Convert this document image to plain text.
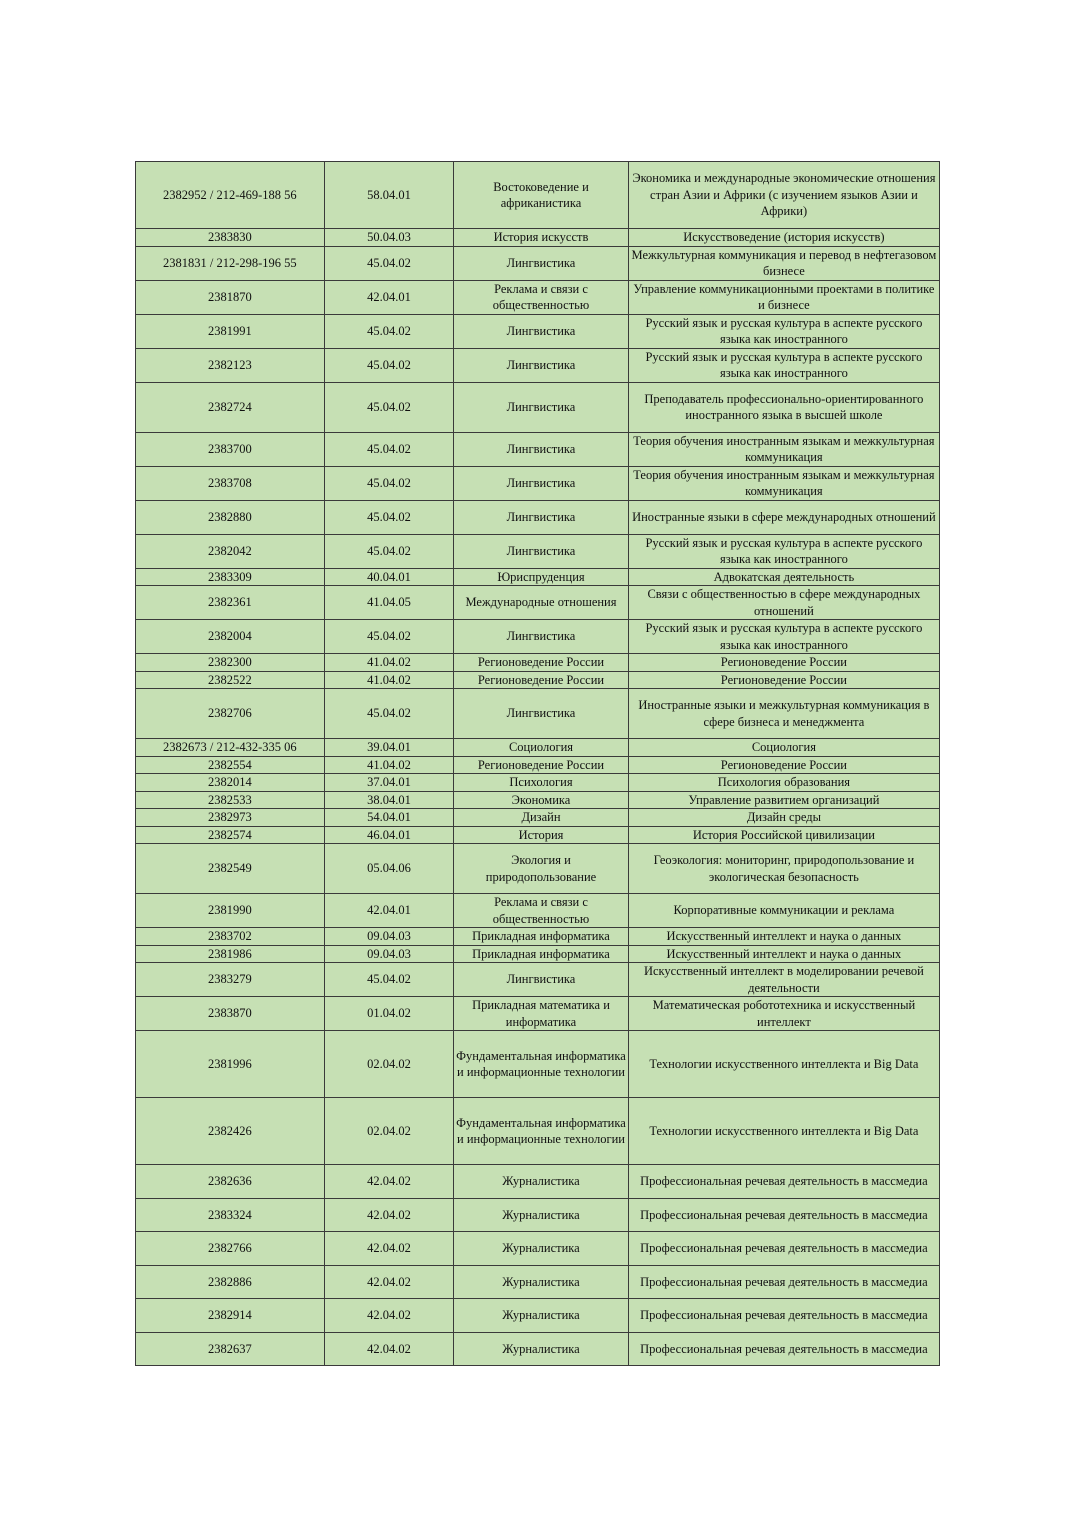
2382952 / 212-469-188 56	58.04.01	Востоковедение и африканистика	Экономика и международные экономические отношения стран Азии и Африки (с изучением языков Азии и Африки)
2383830	50.04.03	История искусств	Искусствоведение (история искусств)
2381831 / 212-298-196 55	45.04.02	Лингвистика	Межкультурная коммуникация и перевод в нефтегазовом бизнесе
2381870	42.04.01	Реклама и связи с общественностью	Управление коммуникационными проектами в политике и бизнесе
2381991	45.04.02	Лингвистика	Русский язык и русская культура в аспекте русского языка как иностранного
2382123	45.04.02	Лингвистика	Русский язык и русская культура в аспекте русского языка как иностранного
2382724	45.04.02	Лингвистика	Преподаватель профессионально-ориентированного иностранного языка в высшей школе
2383700	45.04.02	Лингвистика	Теория обучения иностранным языкам и межкультурная коммуникация
2383708	45.04.02	Лингвистика	Теория обучения иностранным языкам и межкультурная коммуникация
2382880	45.04.02	Лингвистика	Иностранные языки в сфере международных отношений
2382042	45.04.02	Лингвистика	Русский язык и русская культура в аспекте русского языка как иностранного
2383309	40.04.01	Юриспруденция	Адвокатская деятельность
2382361	41.04.05	Международные отношения	Связи с общественностью в сфере международных отношений
2382004	45.04.02	Лингвистика	Русский язык и русская культура в аспекте русского языка как иностранного
2382300	41.04.02	Регионоведение России	Регионоведение России
2382522	41.04.02	Регионоведение России	Регионоведение России
2382706	45.04.02	Лингвистика	Иностранные языки и межкультурная коммуникация в сфере бизнеса и менеджмента
2382673 / 212-432-335 06	39.04.01	Социология	Социология
2382554	41.04.02	Регионоведение России	Регионоведение России
2382014	37.04.01	Психология	Психология образования
2382533	38.04.01	Экономика	Управление развитием организаций
2382973	54.04.01	Дизайн	Дизайн среды
2382574	46.04.01	История	История Российской цивилизации
2382549	05.04.06	Экология и природопользование	Геоэкология: мониторинг, природопользование и экологическая безопасность
2381990	42.04.01	Реклама и связи с общественностью	Корпоративные коммуникации и реклама
2383702	09.04.03	Прикладная информатика	Искусственный интеллект и наука о данных
2381986	09.04.03	Прикладная информатика	Искусственный интеллект и наука о данных
2383279	45.04.02	Лингвистика	Искусственный интеллект в моделировании речевой деятельности
2383870	01.04.02	Прикладная математика и информатика	Математическая робототехника и искусственный интеллект
2381996	02.04.02	Фундаментальная информатика и информационные технологии	Технологии искусственного интеллекта и Big Data
2382426	02.04.02	Фундаментальная информатика и информационные технологии	Технологии искусственного интеллекта и Big Data
2382636	42.04.02	Журналистика	Профессиональная речевая деятельность в массмедиа
2383324	42.04.02	Журналистика	Профессиональная речевая деятельность в массмедиа
2382766	42.04.02	Журналистика	Профессиональная речевая деятельность в массмедиа
2382886	42.04.02	Журналистика	Профессиональная речевая деятельность в массмедиа
2382914	42.04.02	Журналистика	Профессиональная речевая деятельность в массмедиа
2382637	42.04.02	Журналистика	Профессиональная речевая деятельность в массмедиа
